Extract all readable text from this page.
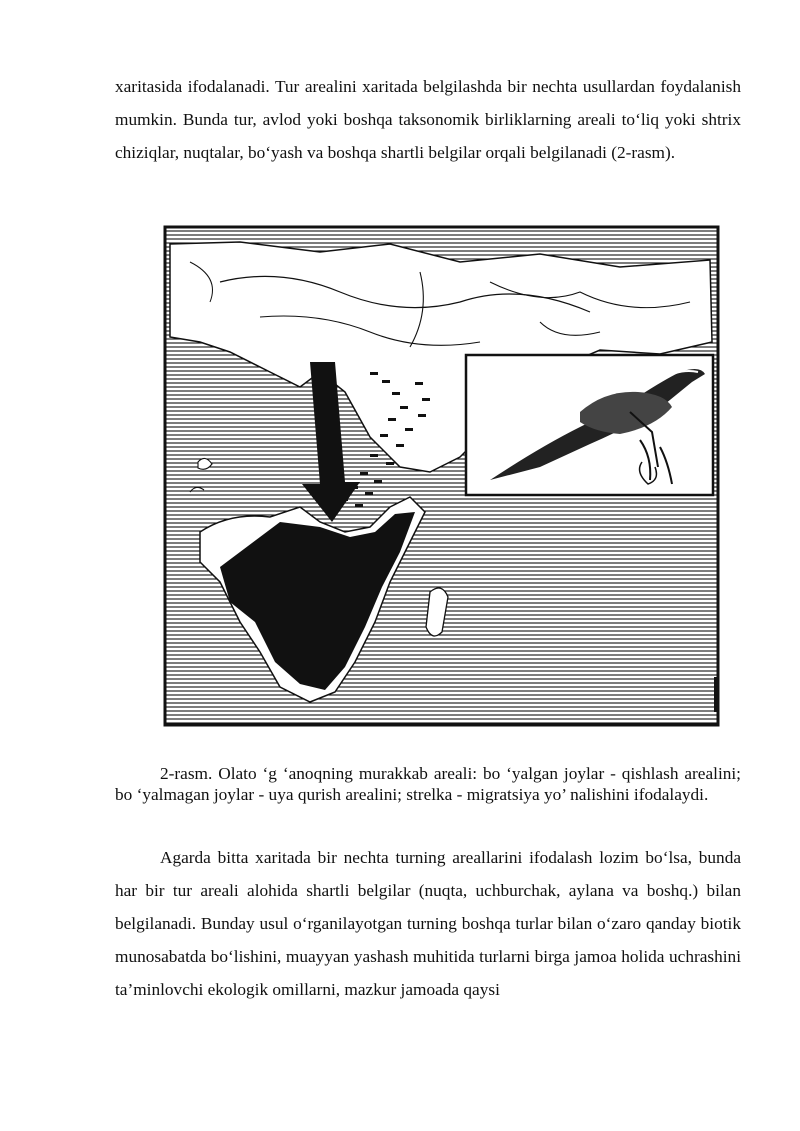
xaritasida ifodalanadi. Tur arealini xaritada belgilashda bir nechta usullardan foydalanish mumkin. Bunda tur, avlod yoki boshqa taksonomik birliklarning areali to‘liq yoki shtrix chiziqlar, nuqtalar, bo‘yash va boshqa shartli belgilar orqali belgilanadi (2-rasm).

2-rasm. Olato ‘g ‘anoqning murakkab areali: bo ‘yalgan joylar - qishlash arealini; bo ‘yalmagan joylar - uya qurish arealini; strelka - migratsiya yo’ nalishini ifodalaydi.

Agarda bitta xaritada bir nechta turning areallarini ifodalash lozim bo‘lsa, bunda har bir tur areali alohida shartli belgilar (nuqta, uchburchak, aylana va boshq.) bilan belgilanadi. Bunday usul o‘rganilayotgan turning boshqa turlar bilan o‘zaro qanday biotik munosabatda bo‘lishini, muayyan yashash muhitida turlarni birga jamoa holida uchrashini ta’minlovchi ekologik omillarni, mazkur jamoada qaysi
